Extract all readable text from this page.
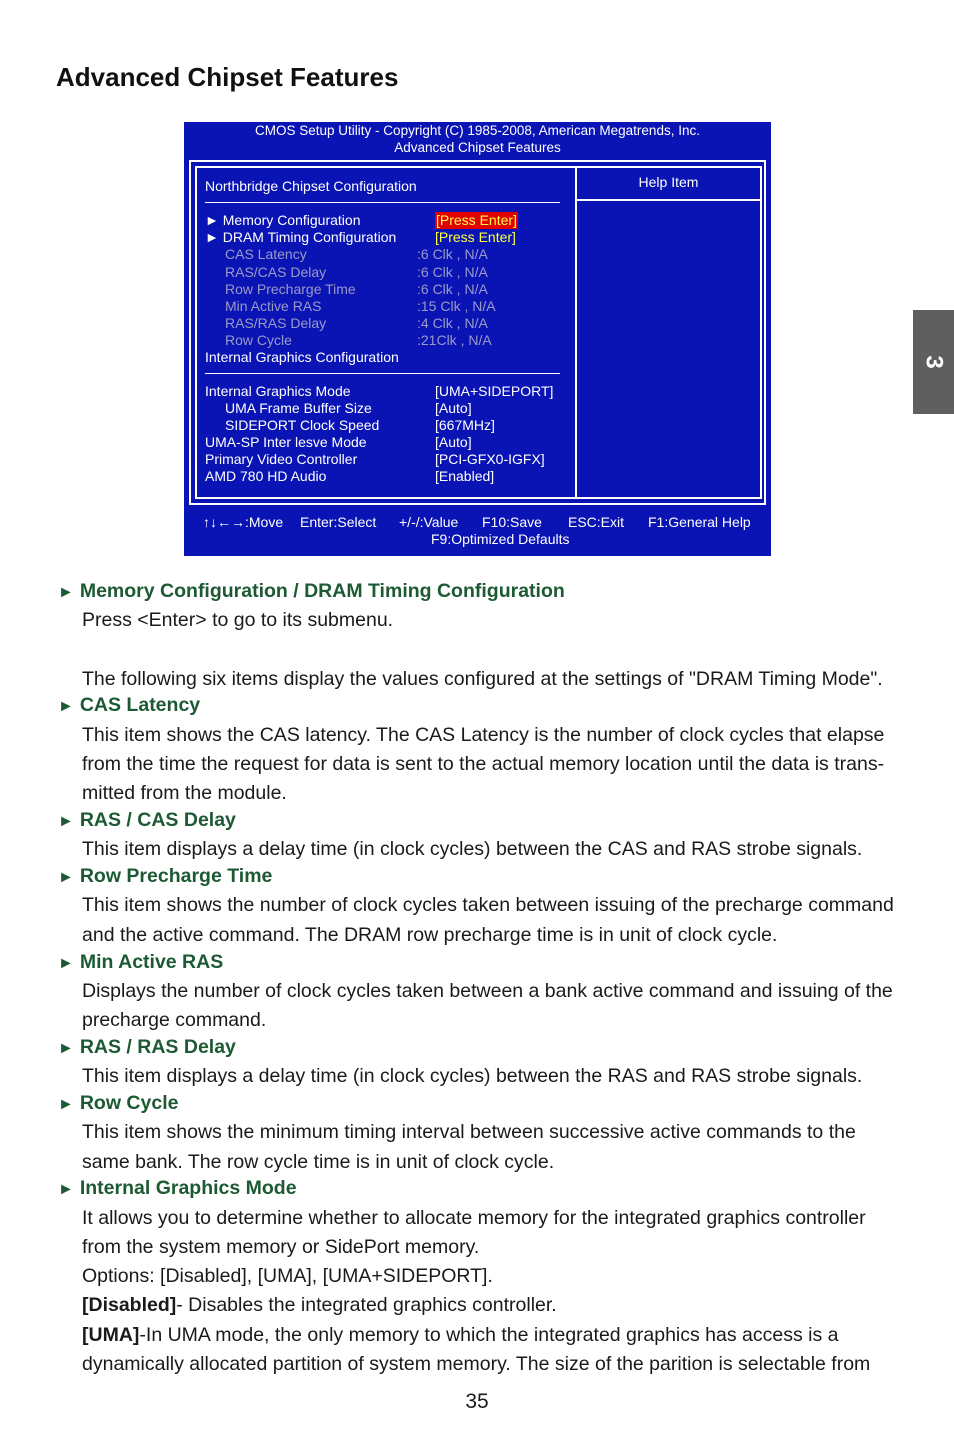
Advanced Chipset Features
3
CMOS Setup Utility - Copyright (C) 1985-2008, American Megatrends, Inc.
Advanced Chipset Features
Northbridge Chipset Configuration
► Memory Configuration	[Press Enter]
► DRAM Timing Configuration	[Press Enter]
CAS Latency	:6 Clk , N/A
RAS/CAS Delay	:6 Clk , N/A
Row Precharge Time	:6 Clk , N/A
Min Active RAS	:15 Clk , N/A
RAS/RAS Delay	:4 Clk , N/A
Row Cycle	:21Clk , N/A
Internal Graphics Configuration
Internal Graphics Mode	[UMA+SIDEPORT]
UMA Frame Buffer Size	[Auto]
SIDEPORT Clock Speed	[667MHz]
UMA-SP Inter lesve Mode	[Auto]
Primary Video Controller	[PCI-GFX0-IGFX]
AMD 780 HD Audio	[Enabled]
Help Item
↑↓←→:Move Enter:Select +/-/:Value F10:Save ESC:Exit F1:General Help
F9:Optimized Defaults
► Memory Configuration / DRAM Timing Configuration
Press <Enter> to go to its submenu.
The following six items display the values configured at the settings of "DRAM Timing Mode".
► CAS Latency
This item shows the CAS latency. The CAS Latency is the number of clock cycles that elapse
from the time the request for data is sent to the actual memory location until the data is trans-
mitted from the module.
► RAS / CAS Delay
This item displays a delay time (in clock cycles) between the CAS and RAS strobe signals.
► Row Precharge Time
This item shows the number of clock cycles taken between issuing of the precharge command
and the active command. The DRAM row precharge time is in unit of clock cycle.
► Min Active RAS
Displays the number of clock cycles taken between a bank active command and issuing of the
precharge command.
► RAS / RAS Delay
This item displays a delay time (in clock cycles) between the RAS and RAS strobe signals.
► Row Cycle
This item shows the minimum timing interval between successive active commands to the
same bank. The row cycle time is in unit of clock cycle.
► Internal Graphics Mode
It allows you to determine whether to allocate memory for the integrated graphics controller
from the system memory or SidePort memory.
Options: [Disabled], [UMA], [UMA+SIDEPORT].
[Disabled]- Disables the integrated graphics controller.
[UMA]-In UMA mode, the only memory to which the integrated graphics has access is a
dynamically allocated partition of system memory. The size of the parition is selectable from
35
